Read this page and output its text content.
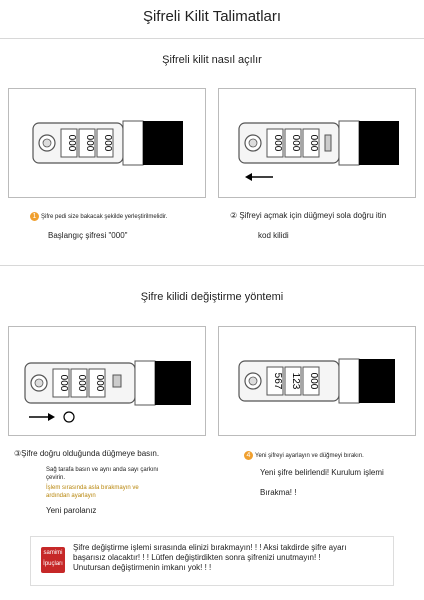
Şifreli Kilit Talimatları
Şifreli kilit nasıl açılır
000 000 000	000 000 000
1 Şifre pedi size bakacak şekilde yerleştirilmelidir.
Başlangıç şifresi "000"
② Şifreyi açmak için düğmeyi sola doğru itin
kod kilidi
Şifre kilidi değiştirme yöntemi
000 000 000	567 123 000
③Şifre doğru olduğunda düğmeye basın.
Sağ tarafa basın ve aynı anda sayı çarkını
çevirin.
İşlem sırasında asla bırakmayın ve
ardından ayarlayın
Yeni parolanız
4 Yeni şifreyi ayarlayın ve düğmeyi bırakın.
Yeni şifre belirlendi! Kurulum işlemi
Bırakma! !
samimi
İpuçları
Şifre değiştirme işlemi sırasında elinizi bırakmayın! ! ! Aksi takdirde şifre ayarı
başarısız olacaktır! ! ! Lütfen değiştirdikten sonra şifrenizi unutmayın! !
Unutursan değiştirmenin imkanı yok! ! !
